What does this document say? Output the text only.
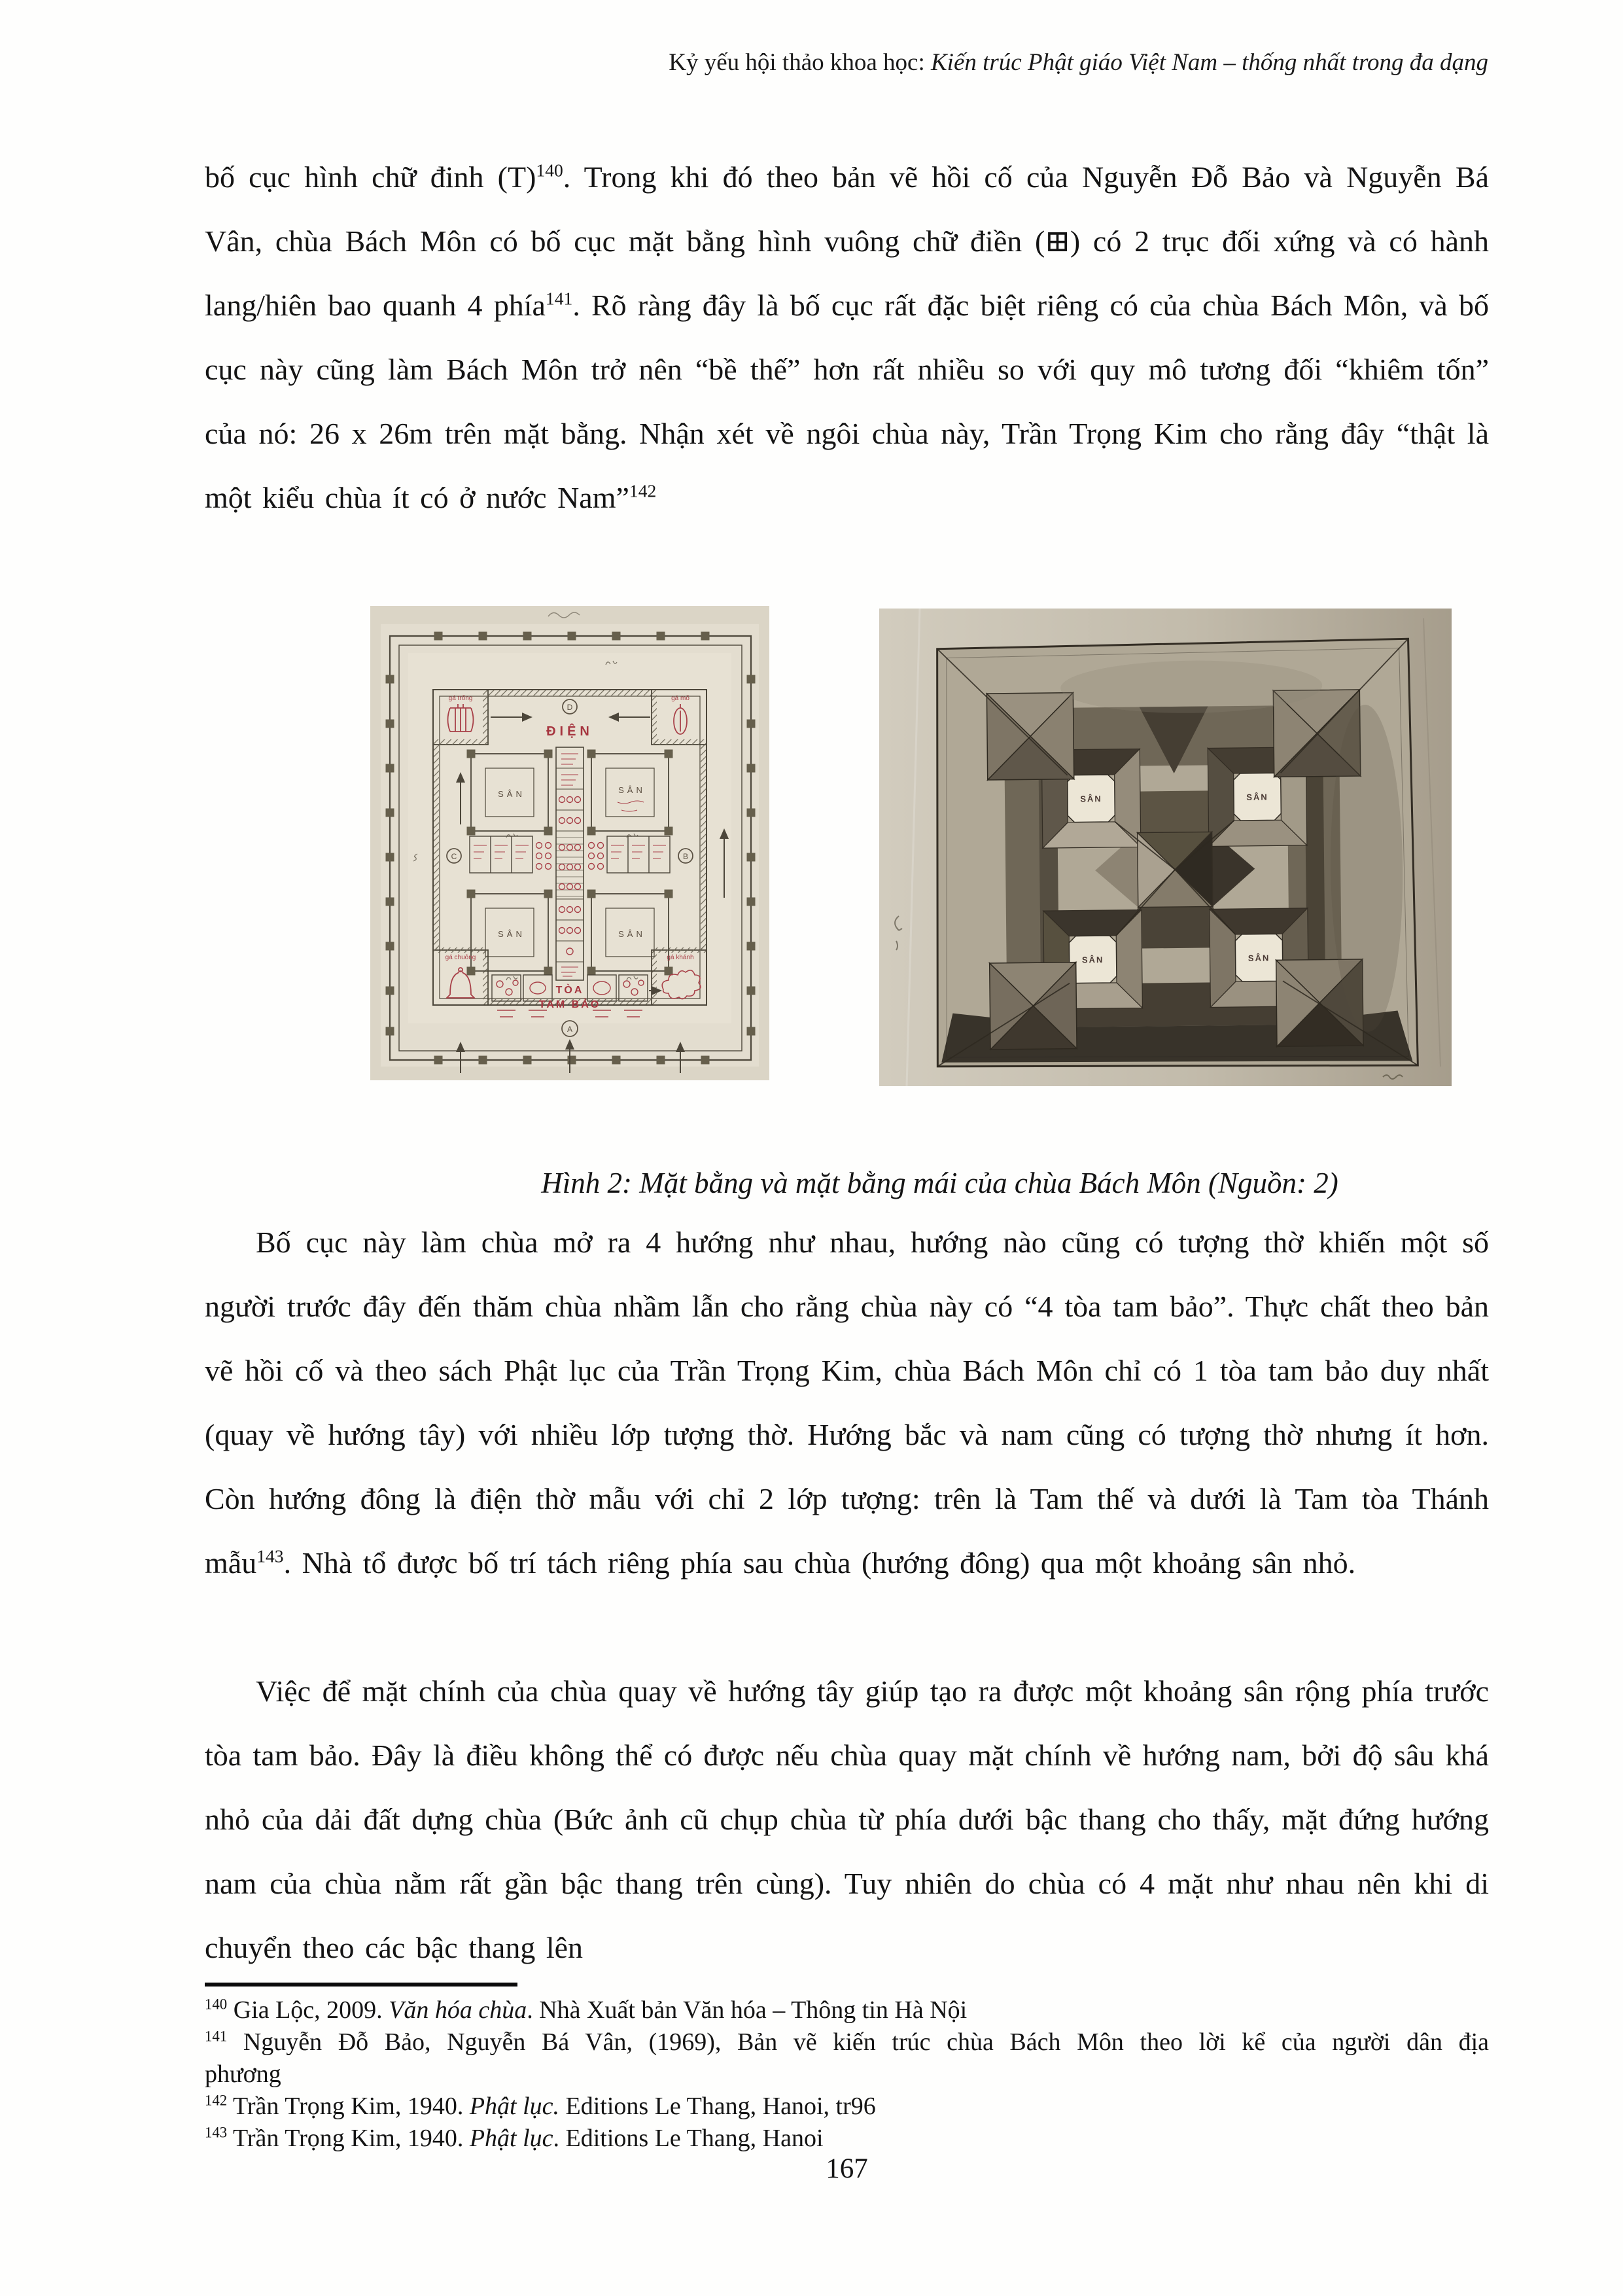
Kỷ yếu hội thảo khoa học: Kiến trúc Phật giáo Việt Nam – thống nhất trong đa dạng

bố cục hình chữ đinh (T)$^{140}$. Trong khi đó theo bản vẽ hồi cố của Nguyễn Đỗ Bảo và Nguyễn Bá Vân, chùa Bách Môn có bố cục mặt bằng hình vuông chữ điền (⊞) có 2 trục đối xứng và có hành lang/hiên bao quanh 4 phía$^{141}$. Rõ ràng đây là bố cục rất đặc biệt riêng có của chùa Bách Môn, và bố cục này cũng làm Bách Môn trở nên “bề thế” hơn rất nhiều so với quy mô tương đối “khiêm tốn” của nó: 26 x 26m trên mặt bằng. Nhận xét về ngôi chùa này, Trần Trọng Kim cho rằng đây “thật là một kiểu chùa ít có ở nước Nam”$^{142}$

SÂN	SÂN
SÂN	SÂN
gá trống	gá mõ
gá chuông	gá khánh
ĐIỆN
TÒA
TAM BẢO
D
C	B
A
SÂN	SÂN
SÂN	SÂN
Hình 2: Mặt bằng và mặt bằng mái của chùa Bách Môn (Nguồn: 2)

Bố cục này làm chùa mở ra 4 hướng như nhau, hướng nào cũng có tượng thờ khiến một số người trước đây đến thăm chùa nhầm lẫn cho rằng chùa này có “4 tòa tam bảo”. Thực chất theo bản vẽ hồi cố và theo sách Phật lục của Trần Trọng Kim, chùa Bách Môn chỉ có 1 tòa tam bảo duy nhất (quay về hướng tây) với nhiều lớp tượng thờ. Hướng bắc và nam cũng có tượng thờ nhưng ít hơn. Còn hướng đông là điện thờ mẫu với chỉ 2 lớp tượng: trên là Tam thế và dưới là Tam tòa Thánh mẫu$^{143}$. Nhà tổ được bố trí tách riêng phía sau chùa (hướng đông) qua một khoảng sân nhỏ.

Việc để mặt chính của chùa quay về hướng tây giúp tạo ra được một khoảng sân rộng phía trước tòa tam bảo. Đây là điều không thể có được nếu chùa quay mặt chính về hướng nam, bởi độ sâu khá nhỏ của dải đất dựng chùa (Bức ảnh cũ chụp chùa từ phía dưới bậc thang cho thấy, mặt đứng hướng nam của chùa nằm rất gần bậc thang trên cùng). Tuy nhiên do chùa có 4 mặt như nhau nên khi di chuyển theo các bậc thang lên

$^{140}$ Gia Lộc, 2009. Văn hóa chùa. Nhà Xuất bản Văn hóa – Thông tin Hà Nội
$^{141}$ Nguyễn Đỗ Bảo, Nguyễn Bá Vân, (1969), Bản vẽ kiến trúc chùa Bách Môn theo lời kể của người dân địa
phương
$^{142}$ Trần Trọng Kim, 1940. Phật lục. Editions Le Thang, Hanoi, tr96
$^{143}$ Trần Trọng Kim, 1940. Phật lục. Editions Le Thang, Hanoi
167
